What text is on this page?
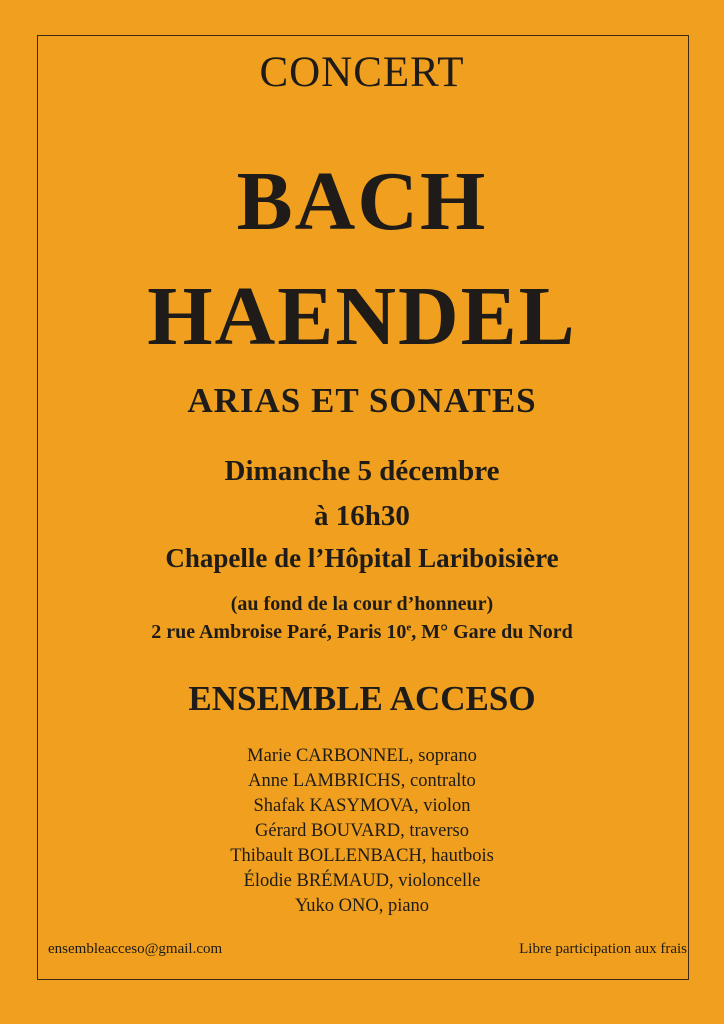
CONCERT
BACH
HAENDEL
ARIAS ET SONATES
Dimanche 5 décembre
à 16h30
Chapelle de l’Hôpital Lariboisière
(au fond de la cour d’honneur)
2 rue Ambroise Paré, Paris 10e, M° Gare du Nord
ENSEMBLE ACCESO
Marie CARBONNEL, soprano
Anne LAMBRICHS, contralto
Shafak KASYMOVA, violon
Gérard BOUVARD, traverso
Thibault BOLLENBACH, hautbois
Élodie BRÉMAUD, violoncelle
Yuko ONO, piano
ensembleacceso@gmail.com	Libre participation aux frais
